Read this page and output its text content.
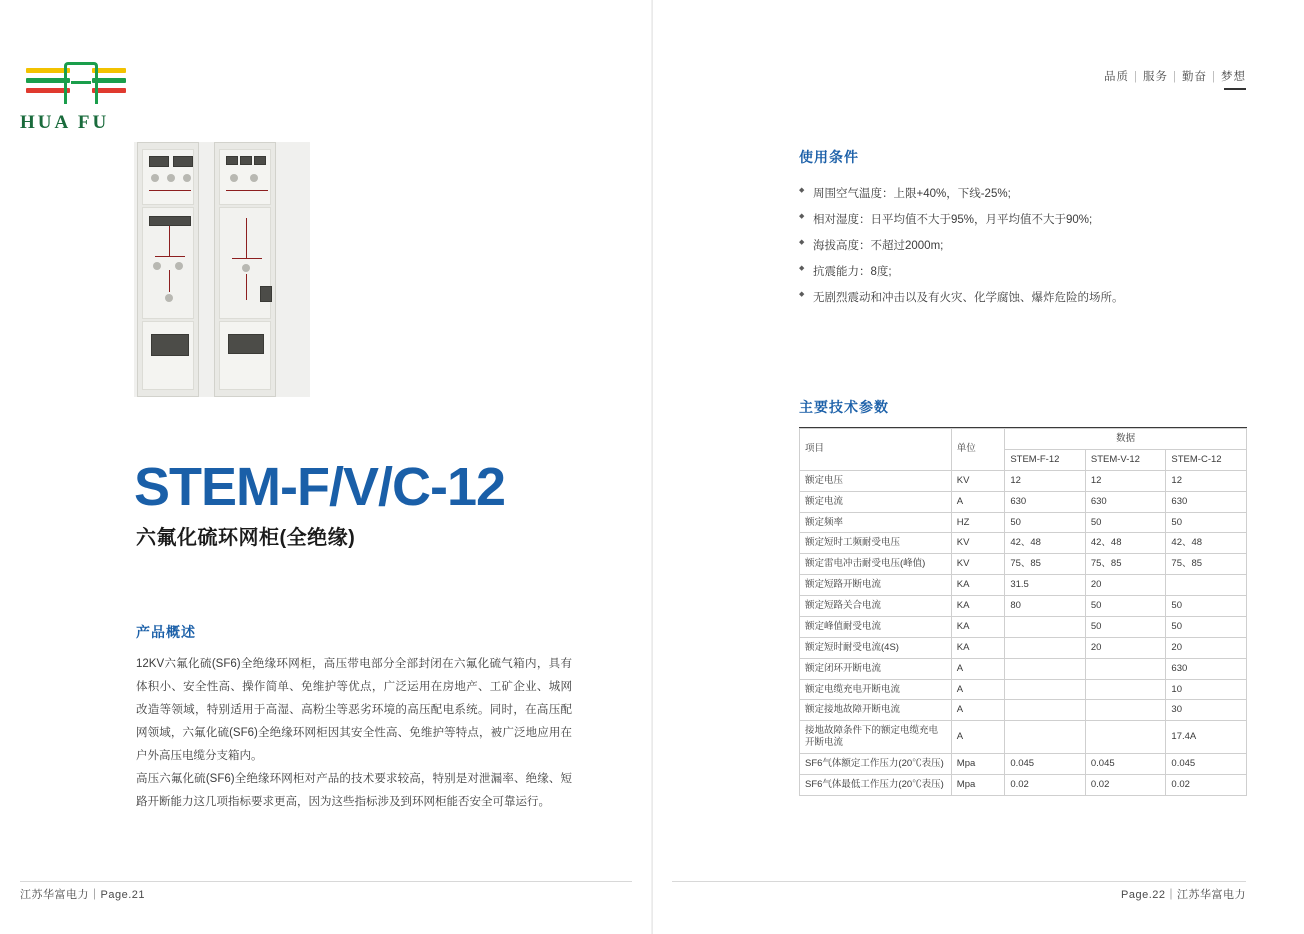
HUA FU
STEM-F/V/C-12
六氟化硫环网柜(全绝缘)
产品概述

12KV六氟化硫(SF6)全绝缘环网柜，高压带电部分全部封闭在六氟化硫气箱内，具有体积小、安全性高、操作简单、免维护等优点，广泛运用在房地产、工矿企业、城网改造等领域，特别适用于高湿、高粉尘等恶劣环境的高压配电系统。同时，在高压配网领域，六氟化硫(SF6)全绝缘环网柜因其安全性高、免维护等特点，被广泛地应用在户外高压电缆分支箱内。

高压六氟化硫(SF6)全绝缘环网柜对产品的技术要求较高，特别是对泄漏率、绝缘、短路开断能力这几项指标要求更高，因为这些指标涉及到环网柜能否安全可靠运行。

江苏华富电力｜Page.21
品质 | 服务 | 勤奋 | 梦想
使用条件
◆ 周围空气温度：上限+40%，下线-25%;
◆ 相对湿度：日平均值不大于95%，月平均值不大于90%;
◆ 海拔高度：不超过2000m;
◆ 抗震能力：8度;
◆ 无剧烈震动和冲击以及有火灾、化学腐蚀、爆炸危险的场所。
主要技术参数
项目	单位	数据		
		STEM-F-12	STEM-V-12	STEM-C-12
额定电压	KV	12	12	12
额定电流	A	630	630	630
额定频率	HZ	50	50	50
额定短时工频耐受电压	KV	42、48	42、48	42、48
额定雷电冲击耐受电压(峰值)	KV	75、85	75、85	75、85
额定短路开断电流	KA	31.5	20	
额定短路关合电流	KA	80	50	50
额定峰值耐受电流	KA		50	50
额定短时耐受电流(4S)	KA		20	20
额定闭环开断电流	A			630
额定电缆充电开断电流	A			10
额定接地故障开断电流	A			30
接地故障条件下的额定电缆充电开断电流	A			17.4A
SF6气体额定工作压力(20℃表压)	Mpa	0.045	0.045	0.045
SF6气体最低工作压力(20℃表压)	Mpa	0.02	0.02	0.02
Page.22｜江苏华富电力
